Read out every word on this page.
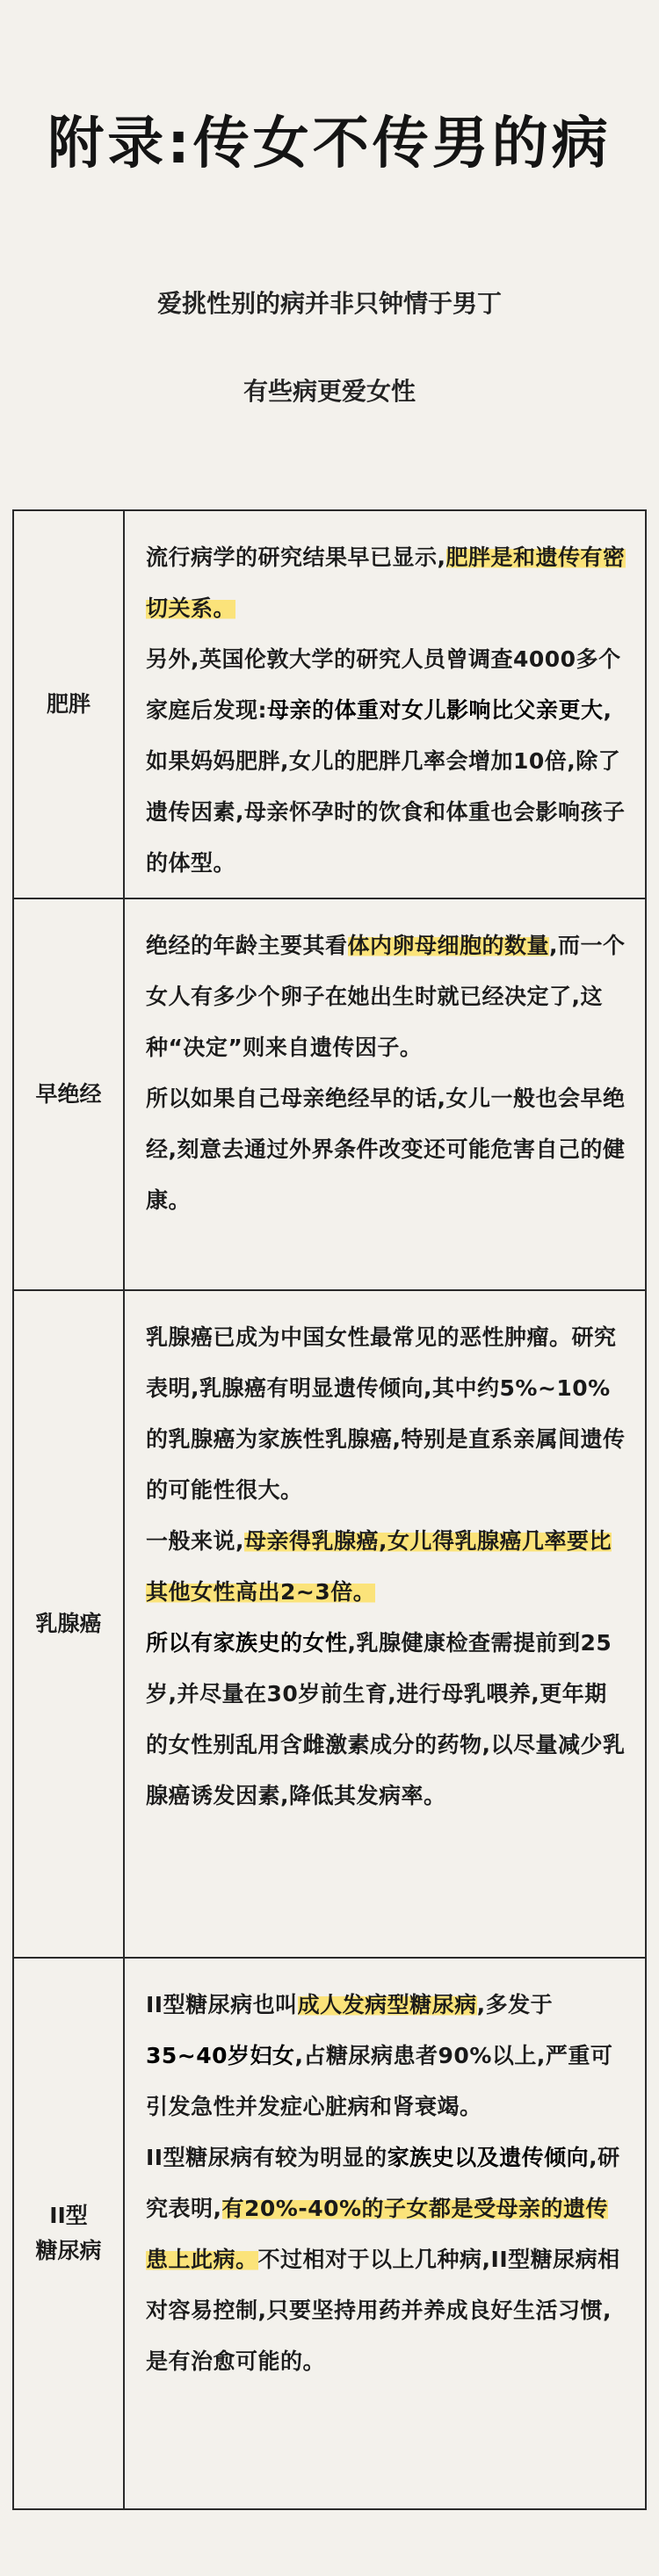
附录:传女不传男的病
爱挑性别的病并非只钟情于男丁
有些病更爱女性
肥胖

流行病学的研究结果早已显示,肥胖是和遗传有密切关系。

另外,英国伦敦大学的研究人员曾调查4000多个家庭后发现:母亲的体重对女儿影响比父亲更大,如果妈妈肥胖,女儿的肥胖几率会增加10倍,除了遗传因素,母亲怀孕时的饮食和体重也会影响孩子的体型。

早绝经

绝经的年龄主要其看体内卵母细胞的数量,而一个女人有多少个卵子在她出生时就已经决定了,这种“决定”则来自遗传因子。

所以如果自己母亲绝经早的话,女儿一般也会早绝经,刻意去通过外界条件改变还可能危害自己的健康。

乳腺癌

乳腺癌已成为中国女性最常见的恶性肿瘤。研究表明,乳腺癌有明显遗传倾向,其中约5%~10%的乳腺癌为家族性乳腺癌,特别是直系亲属间遗传的可能性很大。

一般来说,母亲得乳腺癌,女儿得乳腺癌几率要比其他女性高出2~3倍。

所以有家族史的女性,乳腺健康检查需提前到25岁,并尽量在30岁前生育,进行母乳喂养,更年期的女性别乱用含雌激素成分的药物,以尽量减少乳腺癌诱发因素,降低其发病率。

II型
糖尿病

II型糖尿病也叫成人发病型糖尿病,多发于35~40岁妇女,占糖尿病患者90%以上,严重可引发急性并发症心脏病和肾衰竭。

II型糖尿病有较为明显的家族史以及遗传倾向,研究表明,有20%-40%的子女都是受母亲的遗传患上此病。不过相对于以上几种病,II型糖尿病相对容易控制,只要坚持用药并养成良好生活习惯,是有治愈可能的。
